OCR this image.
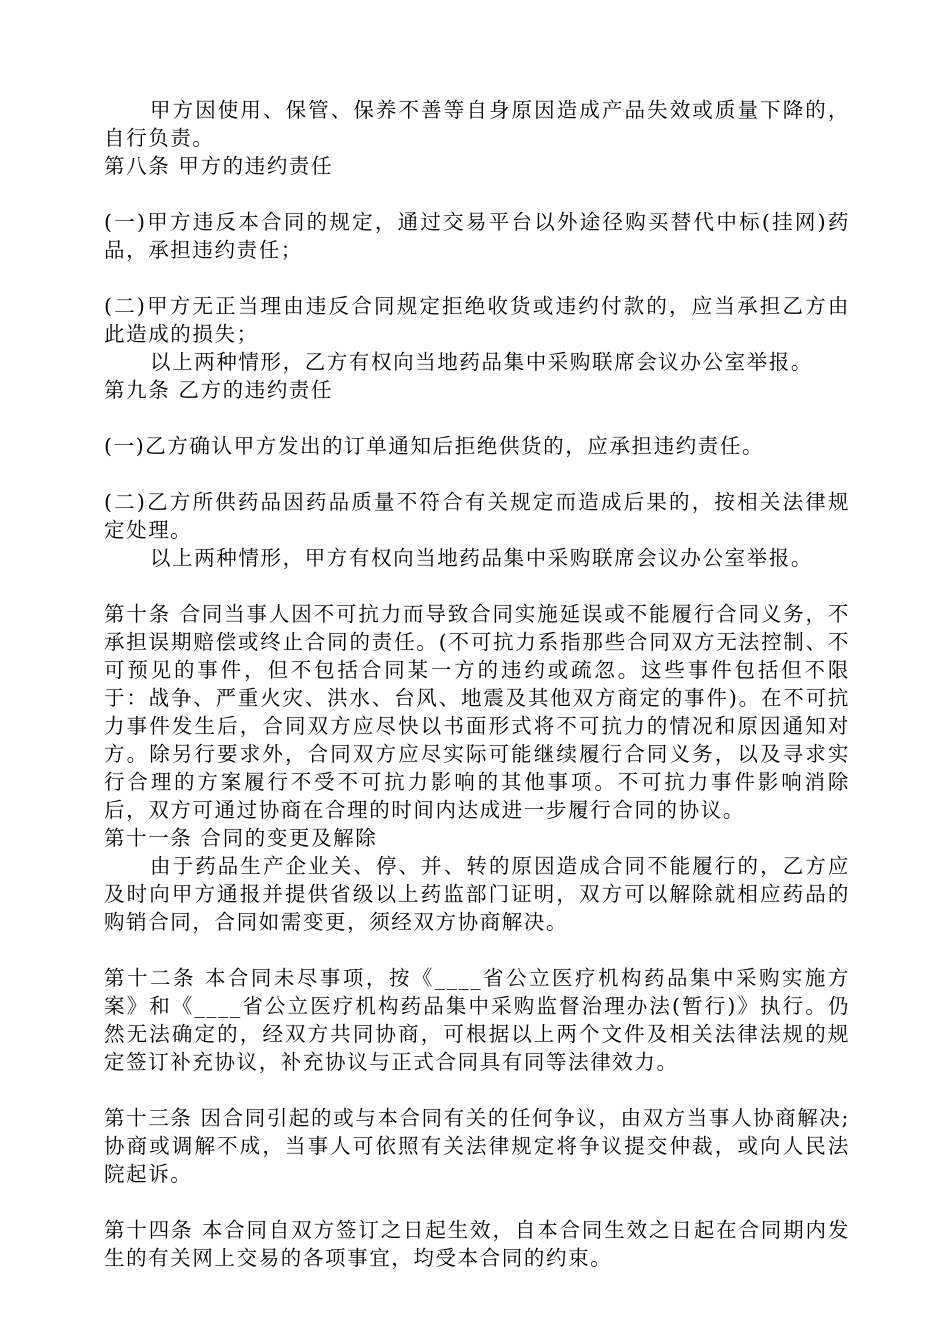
甲方因使用、保管、保养不善等自身原因造成产品失效或质量下降的，自行负责。

第八条 甲方的违约责任

(一)甲方违反本合同的规定，通过交易平台以外途径购买替代中标(挂网)药品，承担违约责任；

(二)甲方无正当理由违反合同规定拒绝收货或违约付款的，应当承担乙方由此造成的损失；

以上两种情形，乙方有权向当地药品集中采购联席会议办公室举报。

第九条 乙方的违约责任

(一)乙方确认甲方发出的订单通知后拒绝供货的，应承担违约责任。

(二)乙方所供药品因药品质量不符合有关规定而造成后果的，按相关法律规定处理。

以上两种情形，甲方有权向当地药品集中采购联席会议办公室举报。

第十条 合同当事人因不可抗力而导致合同实施延误或不能履行合同义务，不承担误期赔偿或终止合同的责任。(不可抗力系指那些合同双方无法控制、不可预见的事件，但不包括合同某一方的违约或疏忽。这些事件包括但不限于：战争、严重火灾、洪水、台风、地震及其他双方商定的事件)。在不可抗力事件发生后，合同双方应尽快以书面形式将不可抗力的情况和原因通知对方。除另行要求外，合同双方应尽实际可能继续履行合同义务，以及寻求实行合理的方案履行不受不可抗力影响的其他事项。不可抗力事件影响消除后，双方可通过协商在合理的时间内达成进一步履行合同的协议。

第十一条 合同的变更及解除

由于药品生产企业关、停、并、转的原因造成合同不能履行的，乙方应及时向甲方通报并提供省级以上药监部门证明，双方可以解除就相应药品的购销合同，合同如需变更，须经双方协商解决。

第十二条 本合同未尽事项，按《____省公立医疗机构药品集中采购实施方案》和《____省公立医疗机构药品集中采购监督治理办法(暂行)》执行。仍然无法确定的，经双方共同协商，可根据以上两个文件及相关法律法规的规定签订补充协议，补充协议与正式合同具有同等法律效力。

第十三条 因合同引起的或与本合同有关的任何争议，由双方当事人协商解决;协商或调解不成，当事人可依照有关法律规定将争议提交仲裁，或向人民法院起诉。

第十四条 本合同自双方签订之日起生效，自本合同生效之日起在合同期内发生的有关网上交易的各项事宜，均受本合同的约束。
